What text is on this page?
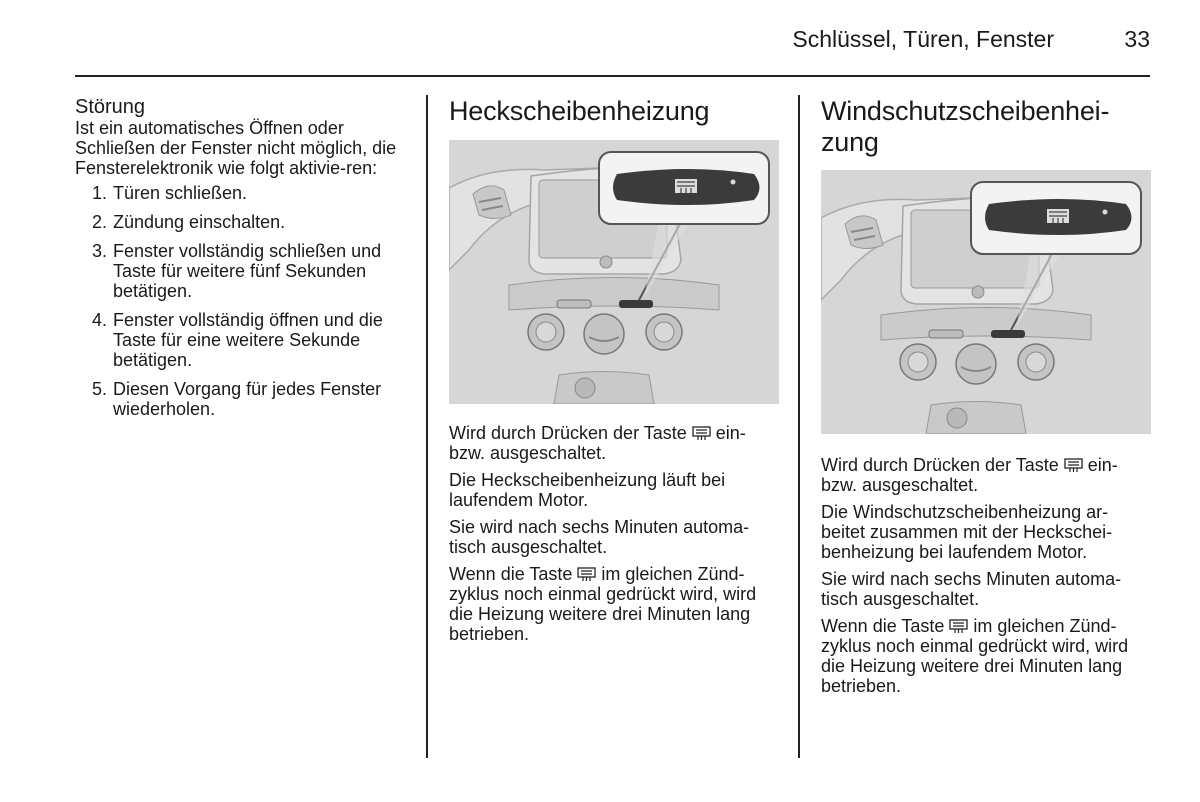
Schlüssel, Türen, Fenster	33
Störung
Ist ein automatisches Öffnen oder Schließen der Fenster nicht möglich, die Fensterelektronik wie folgt aktivie-ren:
1. Türen schließen.
2. Zündung einschalten.
3. Fenster vollständig schließen und Taste für weitere fünf Sekunden betätigen.
4. Fenster vollständig öffnen und die Taste für eine weitere Sekunde betätigen.
5. Diesen Vorgang für jedes Fenster wiederholen.
Heckscheibenheizung

Wird durch Drücken der Taste  ein- bzw. ausgeschaltet.

Die Heckscheibenheizung läuft bei laufendem Motor.

Sie wird nach sechs Minuten automa-tisch ausgeschaltet.

Wenn die Taste  im gleichen Zünd-zyklus noch einmal gedrückt wird, wird die Heizung weitere drei Minuten lang betrieben.

Windschutzscheibenhei-
zung

Wird durch Drücken der Taste  ein- bzw. ausgeschaltet.

Die Windschutzscheibenheizung ar-beitet zusammen mit der Heckschei-benheizung bei laufendem Motor.

Sie wird nach sechs Minuten automa-tisch ausgeschaltet.

Wenn die Taste  im gleichen Zünd-zyklus noch einmal gedrückt wird, wird die Heizung weitere drei Minuten lang betrieben.
